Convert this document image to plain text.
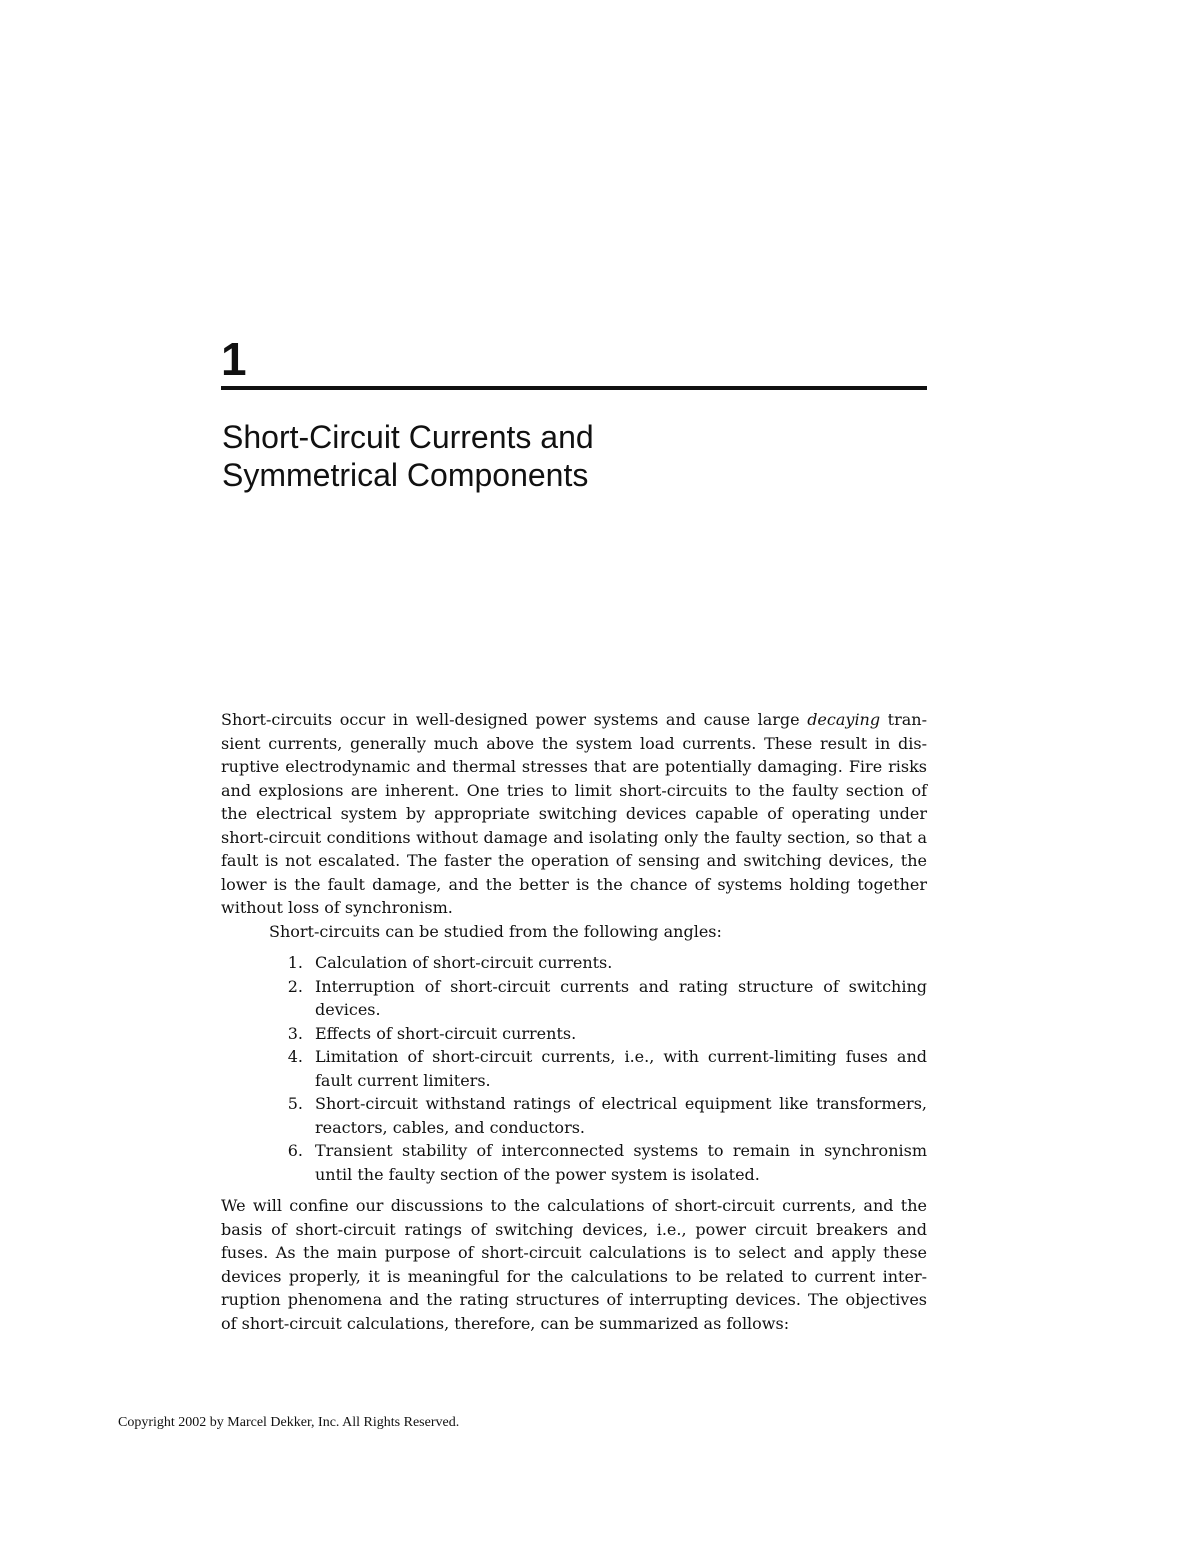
1
Short-Circuit Currents and
Symmetrical Components

Short-circuits occur in well-designed power systems and cause large decaying transient currents, generally much above the system load currents. These result in disruptive electrodynamic and thermal stresses that are potentially damaging. Fire risks and explosions are inherent. One tries to limit short-circuits to the faulty section of the electrical system by appropriate switching devices capable of operating under short-circuit conditions without damage and isolating only the faulty section, so that a fault is not escalated. The faster the operation of sensing and switching devices, the lower is the fault damage, and the better is the chance of systems holding together without loss of synchronism.

Short-circuits can be studied from the following angles:

1. Calculation of short-circuit currents.
2. Interruption of short-circuit currents and rating structure of switching devices.
3. Effects of short-circuit currents.
4. Limitation of short-circuit currents, i.e., with current-limiting fuses and fault current limiters.
5. Short-circuit withstand ratings of electrical equipment like transformers, reactors, cables, and conductors.
6. Transient stability of interconnected systems to remain in synchronism until the faulty section of the power system is isolated.

We will confine our discussions to the calculations of short-circuit currents, and the basis of short-circuit ratings of switching devices, i.e., power circuit breakers and fuses. As the main purpose of short-circuit calculations is to select and apply these devices properly, it is meaningful for the calculations to be related to current interruption phenomena and the rating structures of interrupting devices. The objectives of short-circuit calculations, therefore, can be summarized as follows:

Copyright 2002 by Marcel Dekker, Inc. All Rights Reserved.
